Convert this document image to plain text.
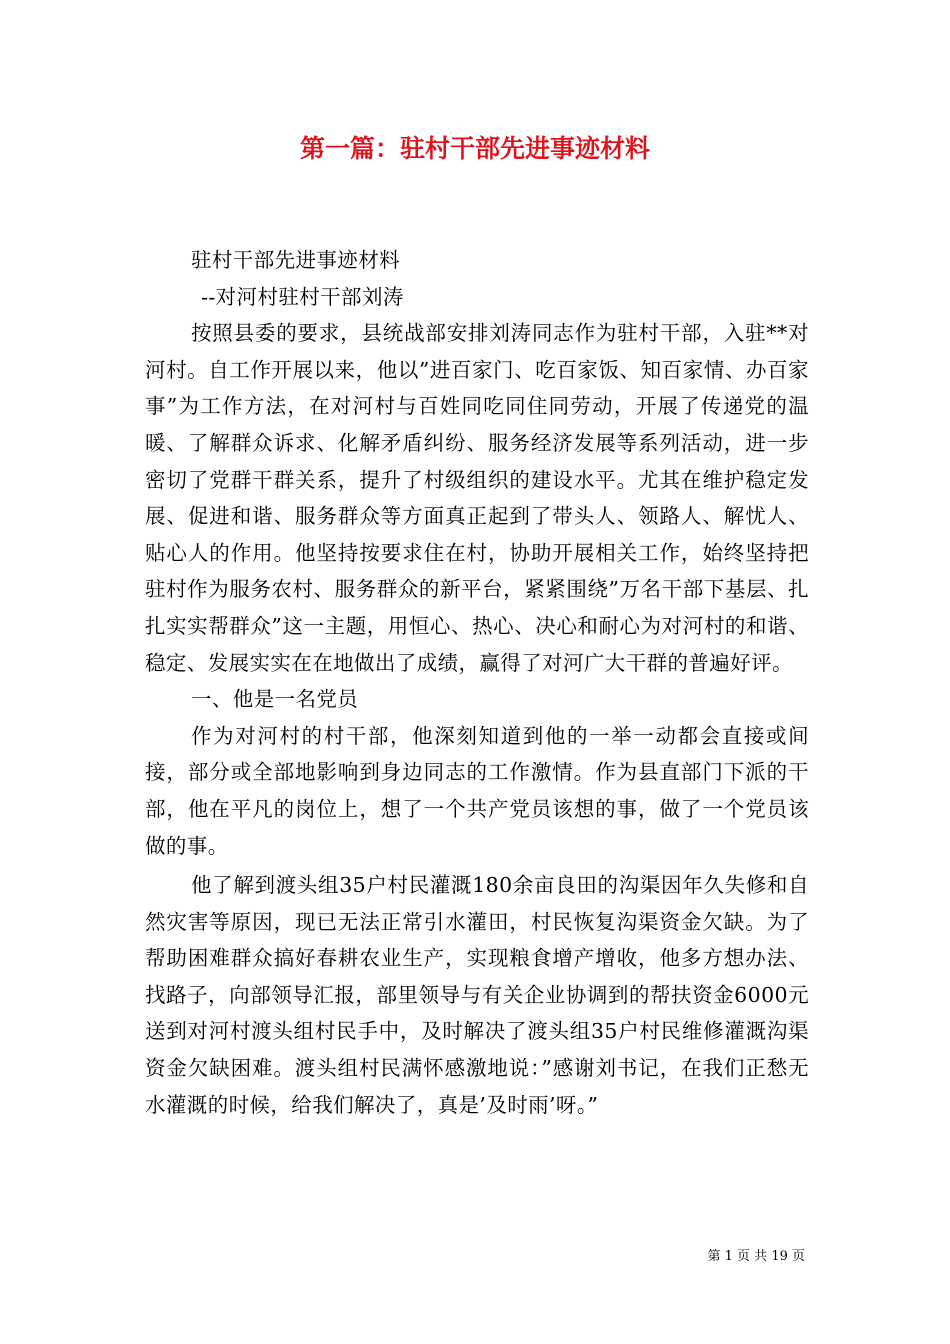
第一篇：驻村干部先进事迹材料

驻村干部先进事迹材料

--对河村驻村干部刘涛

按照县委的要求，县统战部安排刘涛同志作为驻村干部，入驻**对河村。自工作开展以来，他以”进百家门、吃百家饭、知百家情、办百家事”为工作方法，在对河村与百姓同吃同住同劳动，开展了传递党的温暖、了解群众诉求、化解矛盾纠纷、服务经济发展等系列活动，进一步密切了党群干群关系，提升了村级组织的建设水平。尤其在维护稳定发展、促进和谐、服务群众等方面真正起到了带头人、领路人、解忧人、贴心人的作用。他坚持按要求住在村，协助开展相关工作，始终坚持把驻村作为服务农村、服务群众的新平台，紧紧围绕”万名干部下基层、扎扎实实帮群众”这一主题，用恒心、热心、决心和耐心为对河村的和谐、稳定、发展实实在在地做出了成绩，赢得了对河广大干群的普遍好评。

一、他是一名党员

作为对河村的村干部，他深刻知道到他的一举一动都会直接或间接，部分或全部地影响到身边同志的工作激情。作为县直部门下派的干部，他在平凡的岗位上，想了一个共产党员该想的事，做了一个党员该做的事。

他了解到渡头组35户村民灌溉180余亩良田的沟渠因年久失修和自然灾害等原因，现已无法正常引水灌田，村民恢复沟渠资金欠缺。为了帮助困难群众搞好春耕农业生产，实现粮食增产增收，他多方想办法、找路子，向部领导汇报，部里领导与有关企业协调到的帮扶资金6000元送到对河村渡头组村民手中，及时解决了渡头组35户村民维修灌溉沟渠资金欠缺困难。渡头组村民满怀感激地说：”感谢刘书记，在我们正愁无水灌溉的时候，给我们解决了，真是’及时雨’呀。”

第 1 页 共 19 页
